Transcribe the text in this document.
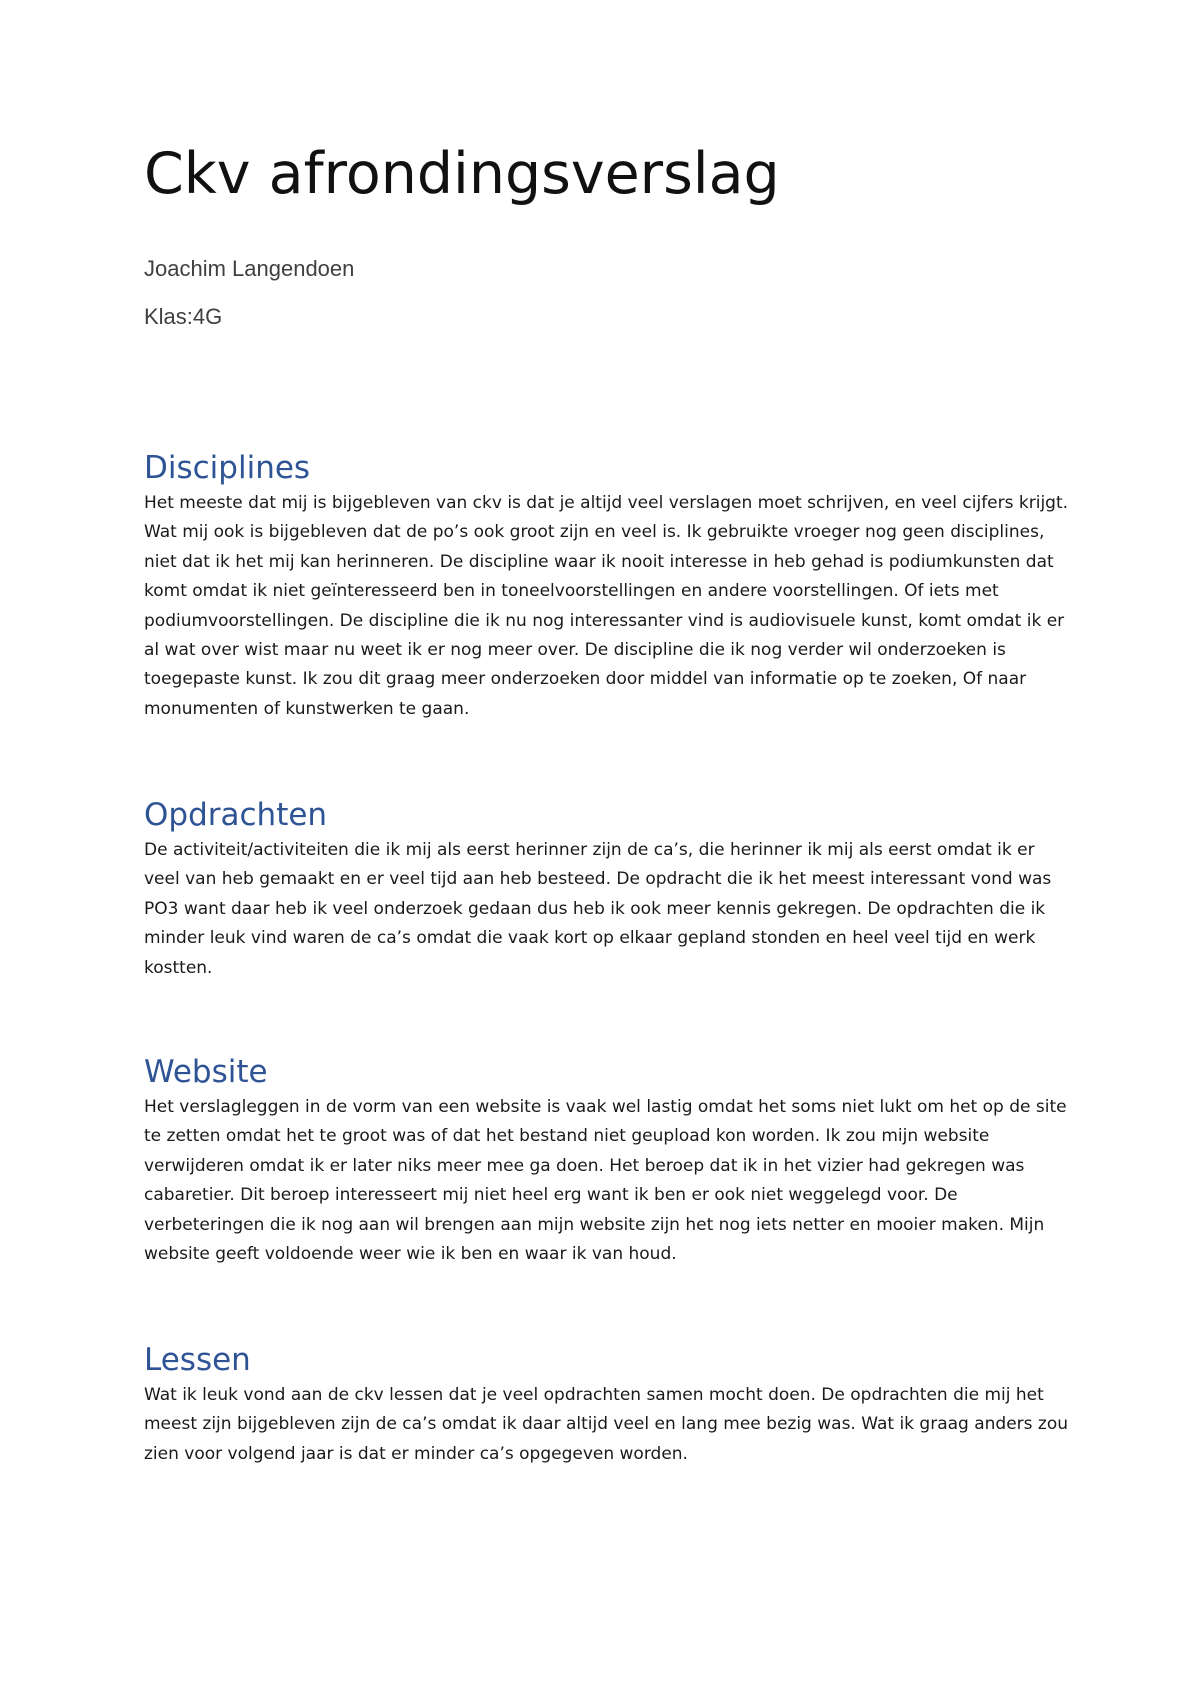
Ckv afrondingsverslag

Joachim Langendoen

Klas:4G

Disciplines

Het meeste dat mij is bijgebleven van ckv is dat je altijd veel verslagen moet schrijven, en veel cijfers krijgt. Wat mij ook is bijgebleven dat de po’s ook groot zijn en veel is. Ik gebruikte vroeger nog geen disciplines, niet dat ik het mij kan herinneren. De discipline waar ik nooit interesse in heb gehad is podiumkunsten dat komt omdat ik niet geïnteresseerd ben in toneelvoorstellingen en andere voorstellingen. Of iets met podiumvoorstellingen. De discipline die ik nu nog interessanter vind is audiovisuele kunst, komt omdat ik er al wat over wist maar nu weet ik er nog meer over. De discipline die ik nog verder wil onderzoeken is toegepaste kunst. Ik zou dit graag meer onderzoeken door middel van informatie op te zoeken, Of naar monumenten of kunstwerken te gaan.

Opdrachten

De activiteit/activiteiten die ik mij als eerst herinner zijn de ca’s, die herinner ik mij als eerst omdat ik er veel van heb gemaakt en er veel tijd aan heb besteed. De opdracht die ik het meest interessant vond was PO3 want daar heb ik veel onderzoek gedaan dus heb ik ook meer kennis gekregen. De opdrachten die ik minder leuk vind waren de ca’s omdat die vaak kort op elkaar gepland stonden en heel veel tijd en werk kostten.

Website

Het verslagleggen in de vorm van een website is vaak wel lastig omdat het soms niet lukt om het op de site te zetten omdat het te groot was of dat het bestand niet geupload kon worden. Ik zou mijn website verwijderen omdat ik er later niks meer mee ga doen. Het beroep dat ik in het vizier had gekregen was cabaretier. Dit beroep interesseert mij niet heel erg want ik ben er ook niet weggelegd voor. De verbeteringen die ik nog aan wil brengen aan mijn website zijn het nog iets netter en mooier maken. Mijn website geeft voldoende weer wie ik ben en waar ik van houd.

Lessen

Wat ik leuk vond aan de ckv lessen dat je veel opdrachten samen mocht doen. De opdrachten die mij het meest zijn bijgebleven zijn de ca’s omdat ik daar altijd veel en lang mee bezig was. Wat ik graag anders zou zien voor volgend jaar is dat er minder ca’s opgegeven worden.
